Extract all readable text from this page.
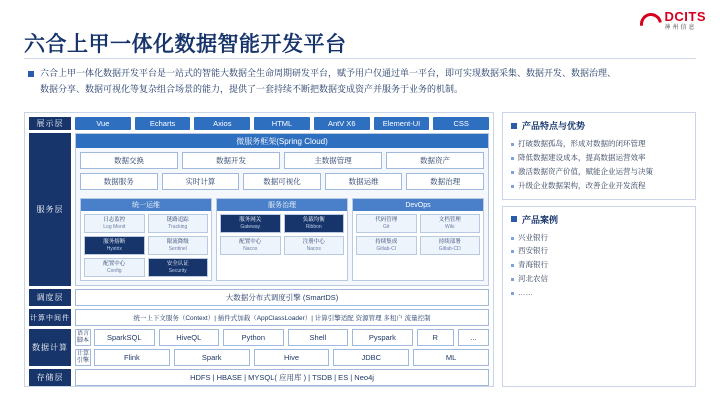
DCITS
神州信息
六合上甲一体化数据智能开发平台

六合上甲一体化数据开发平台是一站式的智能大数据全生命周期研发平台，赋予用户仅通过单一平台，即可实现数据采集、数据开发、数据治理、数据分享、数据可视化等复杂组合场景的能力，提供了一套持续不断把数据变成资产并服务于业务的机制。

展示层	Vue	Echarts	Axios	HTML	AntV X6	Element-UI	CSS
服务层
微服务框架(Spring Cloud)
数据交换	数据开发	主数据管理	数据资产
数据服务	实时计算	数据可视化	数据运维	数据治理
统一运维
日志监控
Log Monit
链路追踪
Tracking
服务熔断
Hystrix
限流降级
Sentinel
配置中心
Config
安全认证
Security
服务治理
服务网关
Gateway
负载均衡
Ribbon
配置中心
Nacos
注册中心
Nacos
DevOps
代码管理
Git
文档管理
Wiki
持续集成
Gitlab-CI
持续部署
Gitlab-CD
调度层	大数据分布式调度引擎 (SmartDS)
计算中间件	统一上下文服务（Context）| 插件式加载（AppClassLoader）| 计算引擎适配 资源管理 多租户 流量控制
数据计算
语言脚本
计算引擎
SparkSQL	HiveQL	Python	Shell	Pyspark	R	...
Flink	Spark	Hive	JDBC	ML
存储层	HDFS | HBASE | MYSQL( 应用库 ) | TSDB | ES | Neo4j
产品特点与优势
打破数据孤岛，形成对数据的闭环管理
降低数据建设成本，提高数据运营效率
激活数据资产价值，赋能企业运营与决策
升级企业数据架构，改善企业开发流程
产品案例
兴业银行
西安银行
青海银行
河北农信
……
